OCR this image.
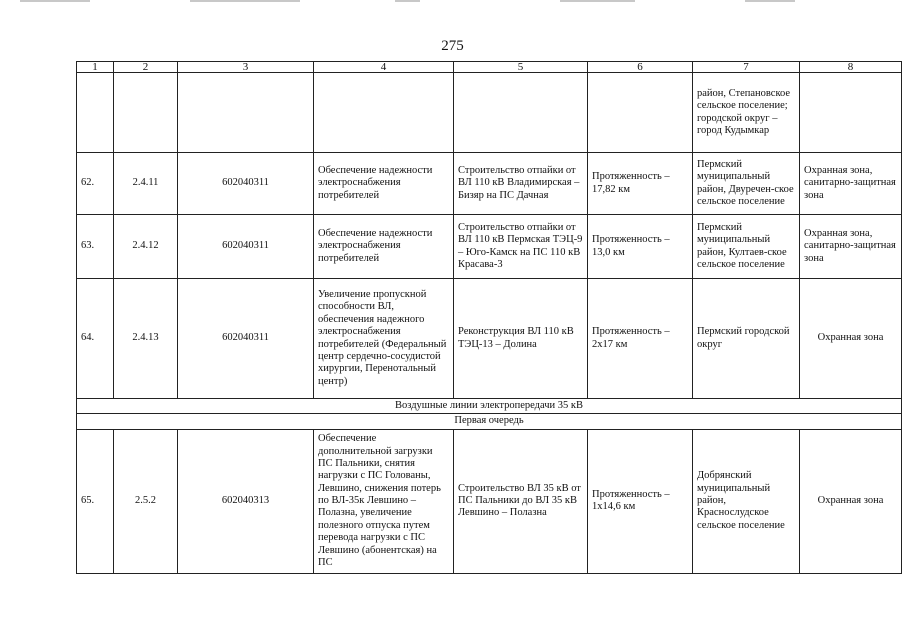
275
1	2	3	4	5	6	7	8
						район, Степановское сельское поселение; городской округ – город Кудымкар	
62.	2.4.11	602040311	Обеспечение надежности электроснабжения потребителей	Строительство отпайки от ВЛ 110 кВ Владимирская – Бизяр на ПС Дачная	Протяженность – 17,82 км	Пермский муниципальный район, Двуречен-ское сельское поселение	Охранная зона, санитарно-защитная зона
63.	2.4.12	602040311	Обеспечение надежности электроснабжения потребителей	Строительство отпайки от ВЛ 110 кВ Пермская ТЭЦ-9 – Юго-Камск на ПС 110 кВ Красава-3	Протяженность – 13,0 км	Пермский муниципальный район, Култаев-ское сельское поселение	Охранная зона, санитарно-защитная зона
64.	2.4.13	602040311	Увеличение пропускной способности ВЛ, обеспечения надежного электроснабжения потребителей (Федеральный центр сердечно-сосудистой хирургии, Перенотальный центр)	Реконструкция ВЛ 110 кВ ТЭЦ-13 – Долина	Протяженность – 2х17 км	Пермский городской округ	Охранная зона
Воздушные линии электропередачи 35 кВ							
Первая очередь							
65.	2.5.2	602040313	Обеспечение дополнительной загрузки ПС Пальники, снятия нагрузки с ПС Голованы, Левшино, снижения потерь по ВЛ-35к Левшино – Полазна, увеличение полезного отпуска путем перевода нагрузки с ПС Левшино (абонентская) на ПС	Строительство ВЛ 35 кВ от ПС Пальники до ВЛ 35 кВ Левшино – Полазна	Протяженность – 1х14,6 км	Добрянский муниципальный район, Краснослудское сельское поселение	Охранная зона
